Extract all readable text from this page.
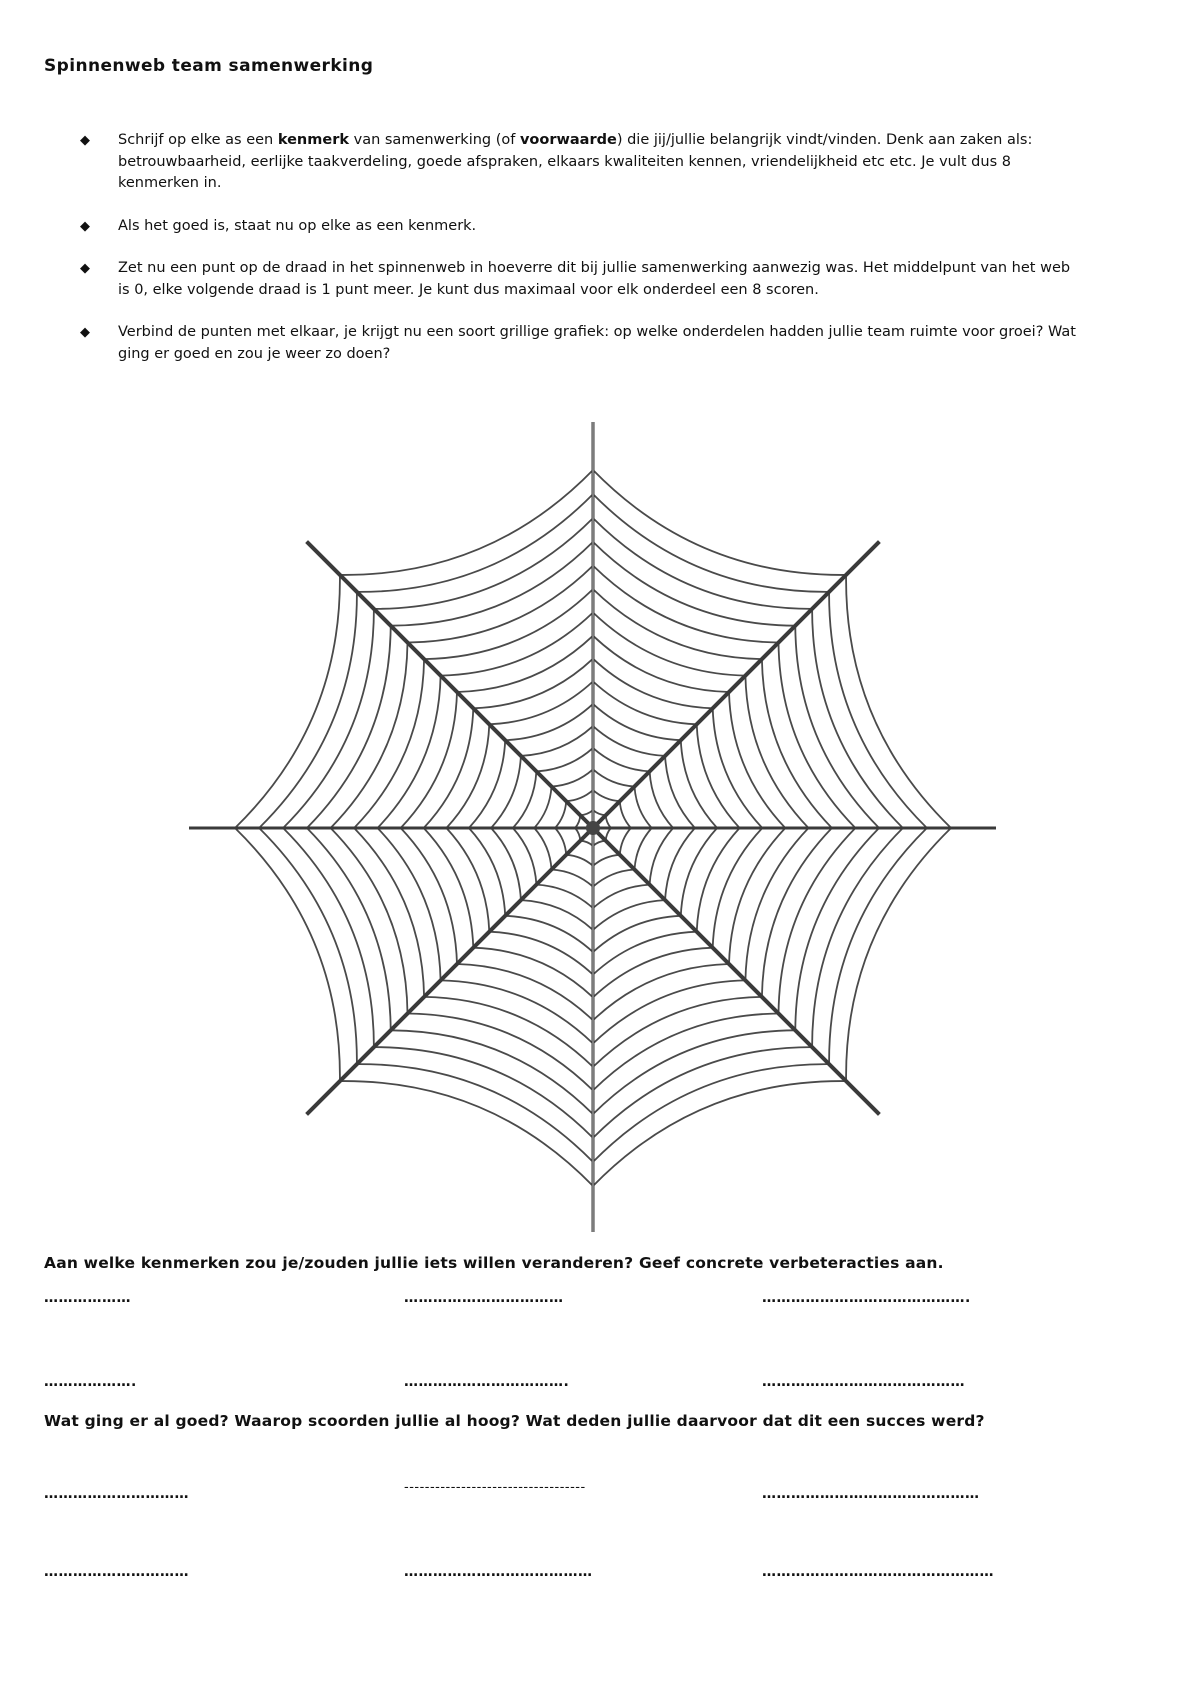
Spinnenweb team samenwerking
◆ Schrijf op elke as een kenmerk van samenwerking (of voorwaarde) die jij/jullie belangrijk vindt/vinden. Denk aan zaken als: betrouwbaarheid, eerlijke taakverdeling, goede afspraken, elkaars kwaliteiten kennen, vriendelijkheid etc etc. Je vult dus 8 kenmerken in.
◆ Als het goed is, staat nu op elke as een kenmerk.
◆ Zet nu een punt op de draad in het spinnenweb in hoeverre dit bij jullie samenwerking aanwezig was. Het middelpunt van het web is 0, elke volgende draad is 1 punt meer. Je kunt dus maximaal voor elk onderdeel een 8 scoren.
◆ Verbind de punten met elkaar, je krijgt nu een soort grillige grafiek: op welke onderdelen hadden jullie team ruimte voor groei? Wat ging er goed en zou je weer zo doen?
Aan welke kenmerken zou je/zouden jullie iets willen veranderen? Geef concrete verbeteracties aan.
………………	……………………………	…………………………………….
……………….	…………………………….	……………………………………
Wat ging er al goed? Waarop scoorden jullie al hoog? Wat deden jullie daarvoor dat dit een succes werd?
…………………………	-----------------------------------	………………………………………
…………………………	…………………………………	…………………………………………
